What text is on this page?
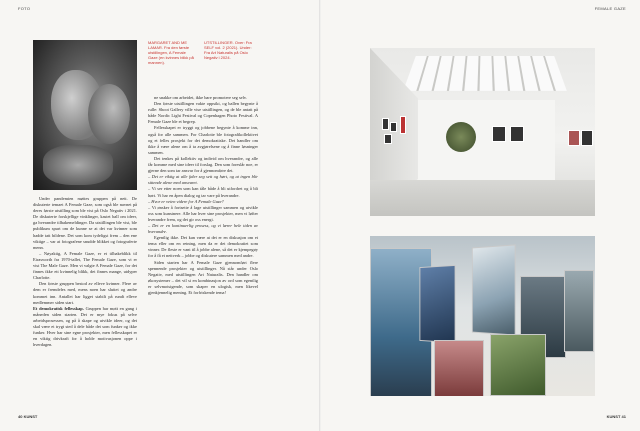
FOTO	FEMALE GAZE
MARGARET AND ME LAMAR. Fra den første utstillingen, A Female Gaze (en kvinnes blikk på mannen).
UTSTILLINGER. Over: Fra SELF vol. 2 (2021). Under: Fra Art Naturalis på Oslo Negativ i 2024.

Under pandemien møttes gruppen på nett. De diskuterte temaet A Female Gaze, som også ble navnet på deres første utstilling som ble vist på Oslo Negativ i 2021. De diskuterte forskjellige vinklinger, kastet ball om ideer, ga hverandre tilbakemeldinger. Da utstillingen ble vist, ble publikum spurt om de kunne se at det var kvinner som hadde tatt bildene. Det som kom tydeligst frem – den ene viktige – var at fotografene snudde blikket og fotograferte menn.

– Nøyaktig, A Female Gaze, er et tilbakeblikk til Eirasworth fra 1970-tallet, The Female Gaze, som vi er vist The Male Gaze. Men vi valgte A Female Gaze, for det finnes ikke ett kvinnelig blikk, det finnes mange, utdyper Charlotte.

Den første gruppen bestod av elleve kvinner. Flere av dem er fremdeles med, mens noen har sluttet og andre kommet inn. Antallet har ligget stabilt på rundt elleve medlemmer siden start.

Et demokratisk fellesskap. Gruppen har møtt en gang i måneden siden starten. Det er mye fokus på selve arbeidsprosessen, og på å skape og utvikle ideer, og det skal være et trygt sted å dele både det som funker og ikke funker. Hver har sine egne prosjekter, men fellesskapet er en viktig drivkraft for å holde motivasjonen oppe i hverdagen.

ne snakke om arbeidet, ikke bare promotere seg selv.

Den første utstillingen vakte oppsikt, og ballen begynte å rulle: Shoot Gallery ville vise utstillingen, og de ble antatt på både Nordic Light Festival og Copenhagen Photo Festival. A Female Gaze ble et begrep.

Fellesskapet er tryggt og jobbene begynte å komme inn, også for alle sammen. For Charlotte ble fotografikollektivet og et felles prosjekt for det demokratiske. Det handler om ikke å være alene om å ta avgjørelsene og å finne løsninger sammen.

Det tenkes på kollektiv og individ om hverandre, og alle får komme med sine ideer til forslag. Den som foreslår noe, er gjerne den som tar ansvar for å gjennomføre det.

– Det er viktig at alle føler seg sett og hørt, og at ingen blir sittende alene med ansvaret.

– Vi ser etter noen som kan tåle både å bli utfordret og å bli hørt. Vi har en åpen dialog og tar vare på hverandre.

– Hvor er veien videre for A Female Gaze?

– Vi ønsker å fortsette å lage utstillinger sammen og utvikle oss som kunstnere. Alle har hver sine prosjekter, men vi løfter hverandre frem, og det gir oss energi.

– Det er en kontinuerlig prosess, og vi lærer hele tiden av hverandre.

Egentlig ikke. Det kan være at det er en diskusjon om et tema eller om en retning, men da er det demokratiet som vinner. De fleste er vant til å jobbe alene, så det er kjempegøy for å få et nettverk – jobbe og diskutere sammen med andre.

Siden starten har A Female Gaze gjennomført flere spennende prosjekter og utstillinger. Nå står under Oslo Negativ, med utstillingen Art Naturalis. Den handler om økosystemer – det vil si en kombinasjon av ord som egentlig er selvmotsigende, som skaper en ulogisk, men likevel gjenkjennelig mening. Et forfriskende tema!

40 KUNST	KUNST 41
